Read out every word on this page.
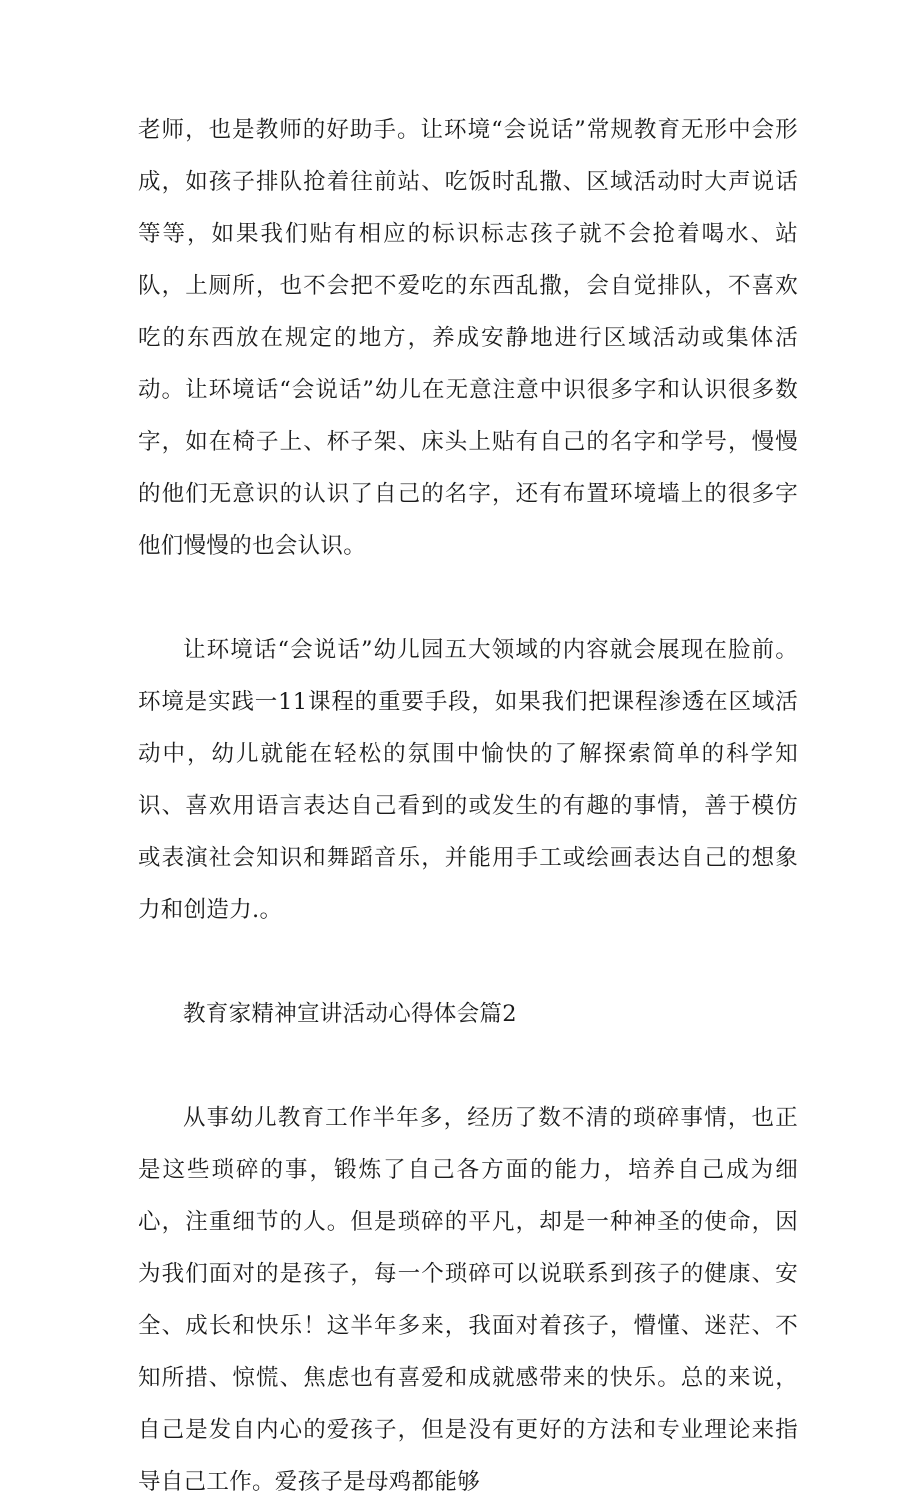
老师，也是教师的好助手。让环境“会说话”常规教育无形中会形成，如孩子排队抢着往前站、吃饭时乱撒、区域活动时大声说话等等，如果我们贴有相应的标识标志孩子就不会抢着喝水、站队，上厕所，也不会把不爱吃的东西乱撒，会自觉排队，不喜欢吃的东西放在规定的地方，养成安静地进行区域活动或集体活动。让环境话“会说话”幼儿在无意注意中识很多字和认识很多数字，如在椅子上、杯子架、床头上贴有自己的名字和学号，慢慢的他们无意识的认识了自己的名字，还有布置环境墙上的很多字他们慢慢的也会认识。

让环境话“会说话”幼儿园五大领域的内容就会展现在脸前。环境是实践一11课程的重要手段，如果我们把课程渗透在区域活动中，幼儿就能在轻松的氛围中愉快的了解探索简单的科学知识、喜欢用语言表达自己看到的或发生的有趣的事情，善于模仿或表演社会知识和舞蹈音乐，并能用手工或绘画表达自己的想象力和创造力.。

教育家精神宣讲活动心得体会篇2

从事幼儿教育工作半年多，经历了数不清的琐碎事情，也正是这些琐碎的事，锻炼了自己各方面的能力，培养自己成为细心，注重细节的人。但是琐碎的平凡，却是一种神圣的使命，因为我们面对的是孩子，每一个琐碎可以说联系到孩子的健康、安全、成长和快乐！这半年多来，我面对着孩子，懵懂、迷茫、不知所措、惊慌、焦虑也有喜爱和成就感带来的快乐。总的来说，自己是发自内心的爱孩子，但是没有更好的方法和专业理论来指导自己工作。爱孩子是母鸡都能够
